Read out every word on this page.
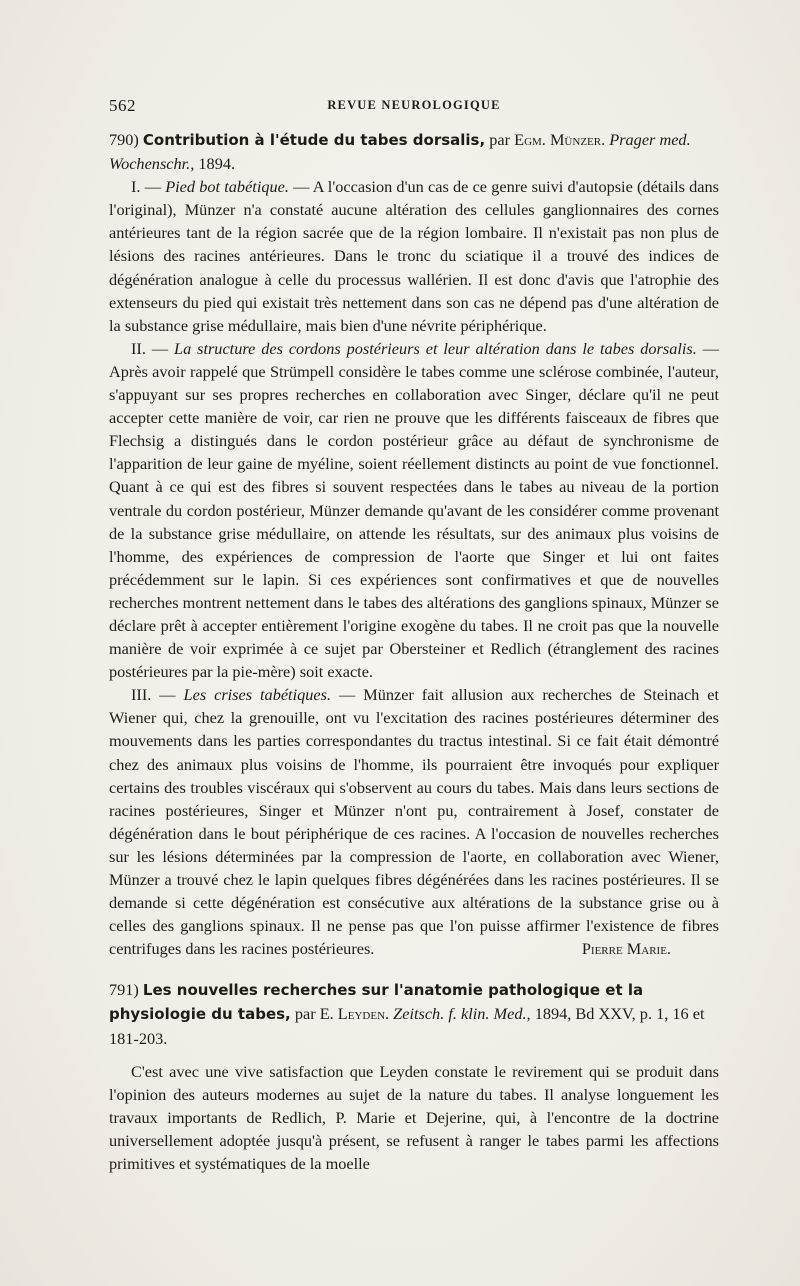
562	REVUE NEUROLOGIQUE
790) Contribution à l'étude du tabes dorsalis, par Egm. Münzer. Prager med. Wochenschr., 1894.

I. — Pied bot tabétique. — A l'occasion d'un cas de ce genre suivi d'autopsie (détails dans l'original), Münzer n'a constaté aucune altération des cellules ganglionnaires des cornes antérieures tant de la région sacrée que de la région lombaire. Il n'existait pas non plus de lésions des racines antérieures. Dans le tronc du sciatique il a trouvé des indices de dégénération analogue à celle du processus wallérien. Il est donc d'avis que l'atrophie des extenseurs du pied qui existait très nettement dans son cas ne dépend pas d'une altération de la substance grise médullaire, mais bien d'une névrite périphérique.

II. — La structure des cordons postérieurs et leur altération dans le tabes dorsalis. — Après avoir rappelé que Strümpell considère le tabes comme une sclérose combinée, l'auteur, s'appuyant sur ses propres recherches en collaboration avec Singer, déclare qu'il ne peut accepter cette manière de voir, car rien ne prouve que les différents faisceaux de fibres que Flechsig a distingués dans le cordon postérieur grâce au défaut de synchronisme de l'apparition de leur gaine de myéline, soient réellement distincts au point de vue fonctionnel. Quant à ce qui est des fibres si souvent respectées dans le tabes au niveau de la portion ventrale du cordon postérieur, Münzer demande qu'avant de les considérer comme provenant de la substance grise médullaire, on attende les résultats, sur des animaux plus voisins de l'homme, des expériences de compression de l'aorte que Singer et lui ont faites précédemment sur le lapin. Si ces expériences sont confirmatives et que de nouvelles recherches montrent nettement dans le tabes des altérations des ganglions spinaux, Münzer se déclare prêt à accepter entièrement l'origine exogène du tabes. Il ne croit pas que la nouvelle manière de voir exprimée à ce sujet par Obersteiner et Redlich (étranglement des racines postérieures par la pie-mère) soit exacte.

III. — Les crises tabétiques. — Münzer fait allusion aux recherches de Steinach et Wiener qui, chez la grenouille, ont vu l'excitation des racines postérieures déterminer des mouvements dans les parties correspondantes du tractus intestinal. Si ce fait était démontré chez des animaux plus voisins de l'homme, ils pourraient être invoqués pour expliquer certains des troubles viscéraux qui s'observent au cours du tabes. Mais dans leurs sections de racines postérieures, Singer et Münzer n'ont pu, contrairement à Josef, constater de dégénération dans le bout périphérique de ces racines. A l'occasion de nouvelles recherches sur les lésions déterminées par la compression de l'aorte, en collaboration avec Wiener, Münzer a trouvé chez le lapin quelques fibres dégénérées dans les racines postérieures. Il se demande si cette dégénération est consécutive aux altérations de la substance grise ou à celles des ganglions spinaux. Il ne pense pas que l'on puisse affirmer l'existence de fibres centrifuges dans les racines postérieures.	Pierre Marie.
791) Les nouvelles recherches sur l'anatomie pathologique et la physiologie du tabes, par E. Leyden. Zeitsch. f. klin. Med., 1894, Bd XXV, p. 1, 16 et 181-203.

C'est avec une vive satisfaction que Leyden constate le revirement qui se produit dans l'opinion des auteurs modernes au sujet de la nature du tabes. Il analyse longuement les travaux importants de Redlich, P. Marie et Dejerine, qui, à l'encontre de la doctrine universellement adoptée jusqu'à présent, se refusent à ranger le tabes parmi les affections primitives et systématiques de la moelle
